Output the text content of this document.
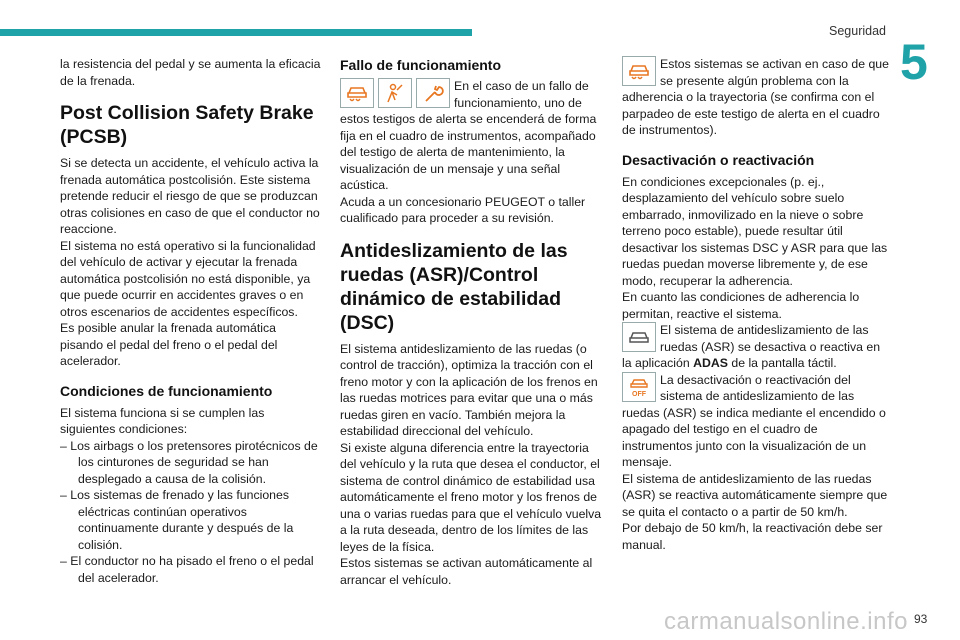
Seguridad
5

la resistencia del pedal y se aumenta la eficacia de la frenada.

Post Collision Safety Brake (PCSB)

Si se detecta un accidente, el vehículo activa la frenada automática postcolisión. Este sistema pretende reducir el riesgo de que se produzcan otras colisiones en caso de que el conductor no reaccione.

El sistema no está operativo si la funcionalidad del vehículo de activar y ejecutar la frenada automática postcolisión no está disponible, ya que puede ocurrir en accidentes graves o en otros escenarios de accidentes específicos.

Es posible anular la frenada automática pisando el pedal del freno o el pedal del acelerador.

Condiciones de funcionamiento

El sistema funciona si se cumplen las siguientes condiciones:

– Los airbags o los pretensores pirotécnicos de los cinturones de seguridad se han desplegado a causa de la colisión.

– Los sistemas de frenado y las funciones eléctricas continúan operativos continuamente durante y después de la colisión.

– El conductor no ha pisado el freno o el pedal del acelerador.

Fallo de funcionamiento

En el caso de un fallo de funcionamiento, uno de estos testigos de alerta se encenderá de forma fija en el cuadro de instrumentos, acompañado del testigo de alerta de mantenimiento, la visualización de un mensaje y una señal acústica.

Acuda a un concesionario PEUGEOT o taller cualificado para proceder a su revisión.

Antideslizamiento de las ruedas (ASR)/Control dinámico de estabilidad (DSC)

El sistema antideslizamiento de las ruedas (o control de tracción), optimiza la tracción con el freno motor y con la aplicación de los frenos en las ruedas motrices para evitar que una o más ruedas giren en vacío. También mejora la estabilidad direccional del vehículo.

Si existe alguna diferencia entre la trayectoria del vehículo y la ruta que desea el conductor, el sistema de control dinámico de estabilidad usa automáticamente el freno motor y los frenos de una o varias ruedas para que el vehículo vuelva a la ruta deseada, dentro de los límites de las leyes de la física.

Estos sistemas se activan automáticamente al arrancar el vehículo.

Estos sistemas se activan en caso de que se presente algún problema con la adherencia o la trayectoria (se confirma con el parpadeo de este testigo de alerta en el cuadro de instrumentos).

Desactivación o reactivación

En condiciones excepcionales (p. ej., desplazamiento del vehículo sobre suelo embarrado, inmovilizado en la nieve o sobre terreno poco estable), puede resultar útil desactivar los sistemas DSC y ASR para que las ruedas puedan moverse libremente y, de ese modo, recuperar la adherencia.

En cuanto las condiciones de adherencia lo permitan, reactive el sistema.

El sistema de antideslizamiento de las ruedas (ASR) se desactiva o reactiva en la aplicación ADAS de la pantalla táctil.

OFF

La desactivación o reactivación del sistema de antideslizamiento de las ruedas (ASR) se indica mediante el encendido o apagado del testigo en el cuadro de instrumentos junto con la visualización de un mensaje.

El sistema de antideslizamiento de las ruedas (ASR) se reactiva automáticamente siempre que se quita el contacto o a partir de 50 km/h.

Por debajo de 50 km/h, la reactivación debe ser manual.

carmanualsonline.info 93
